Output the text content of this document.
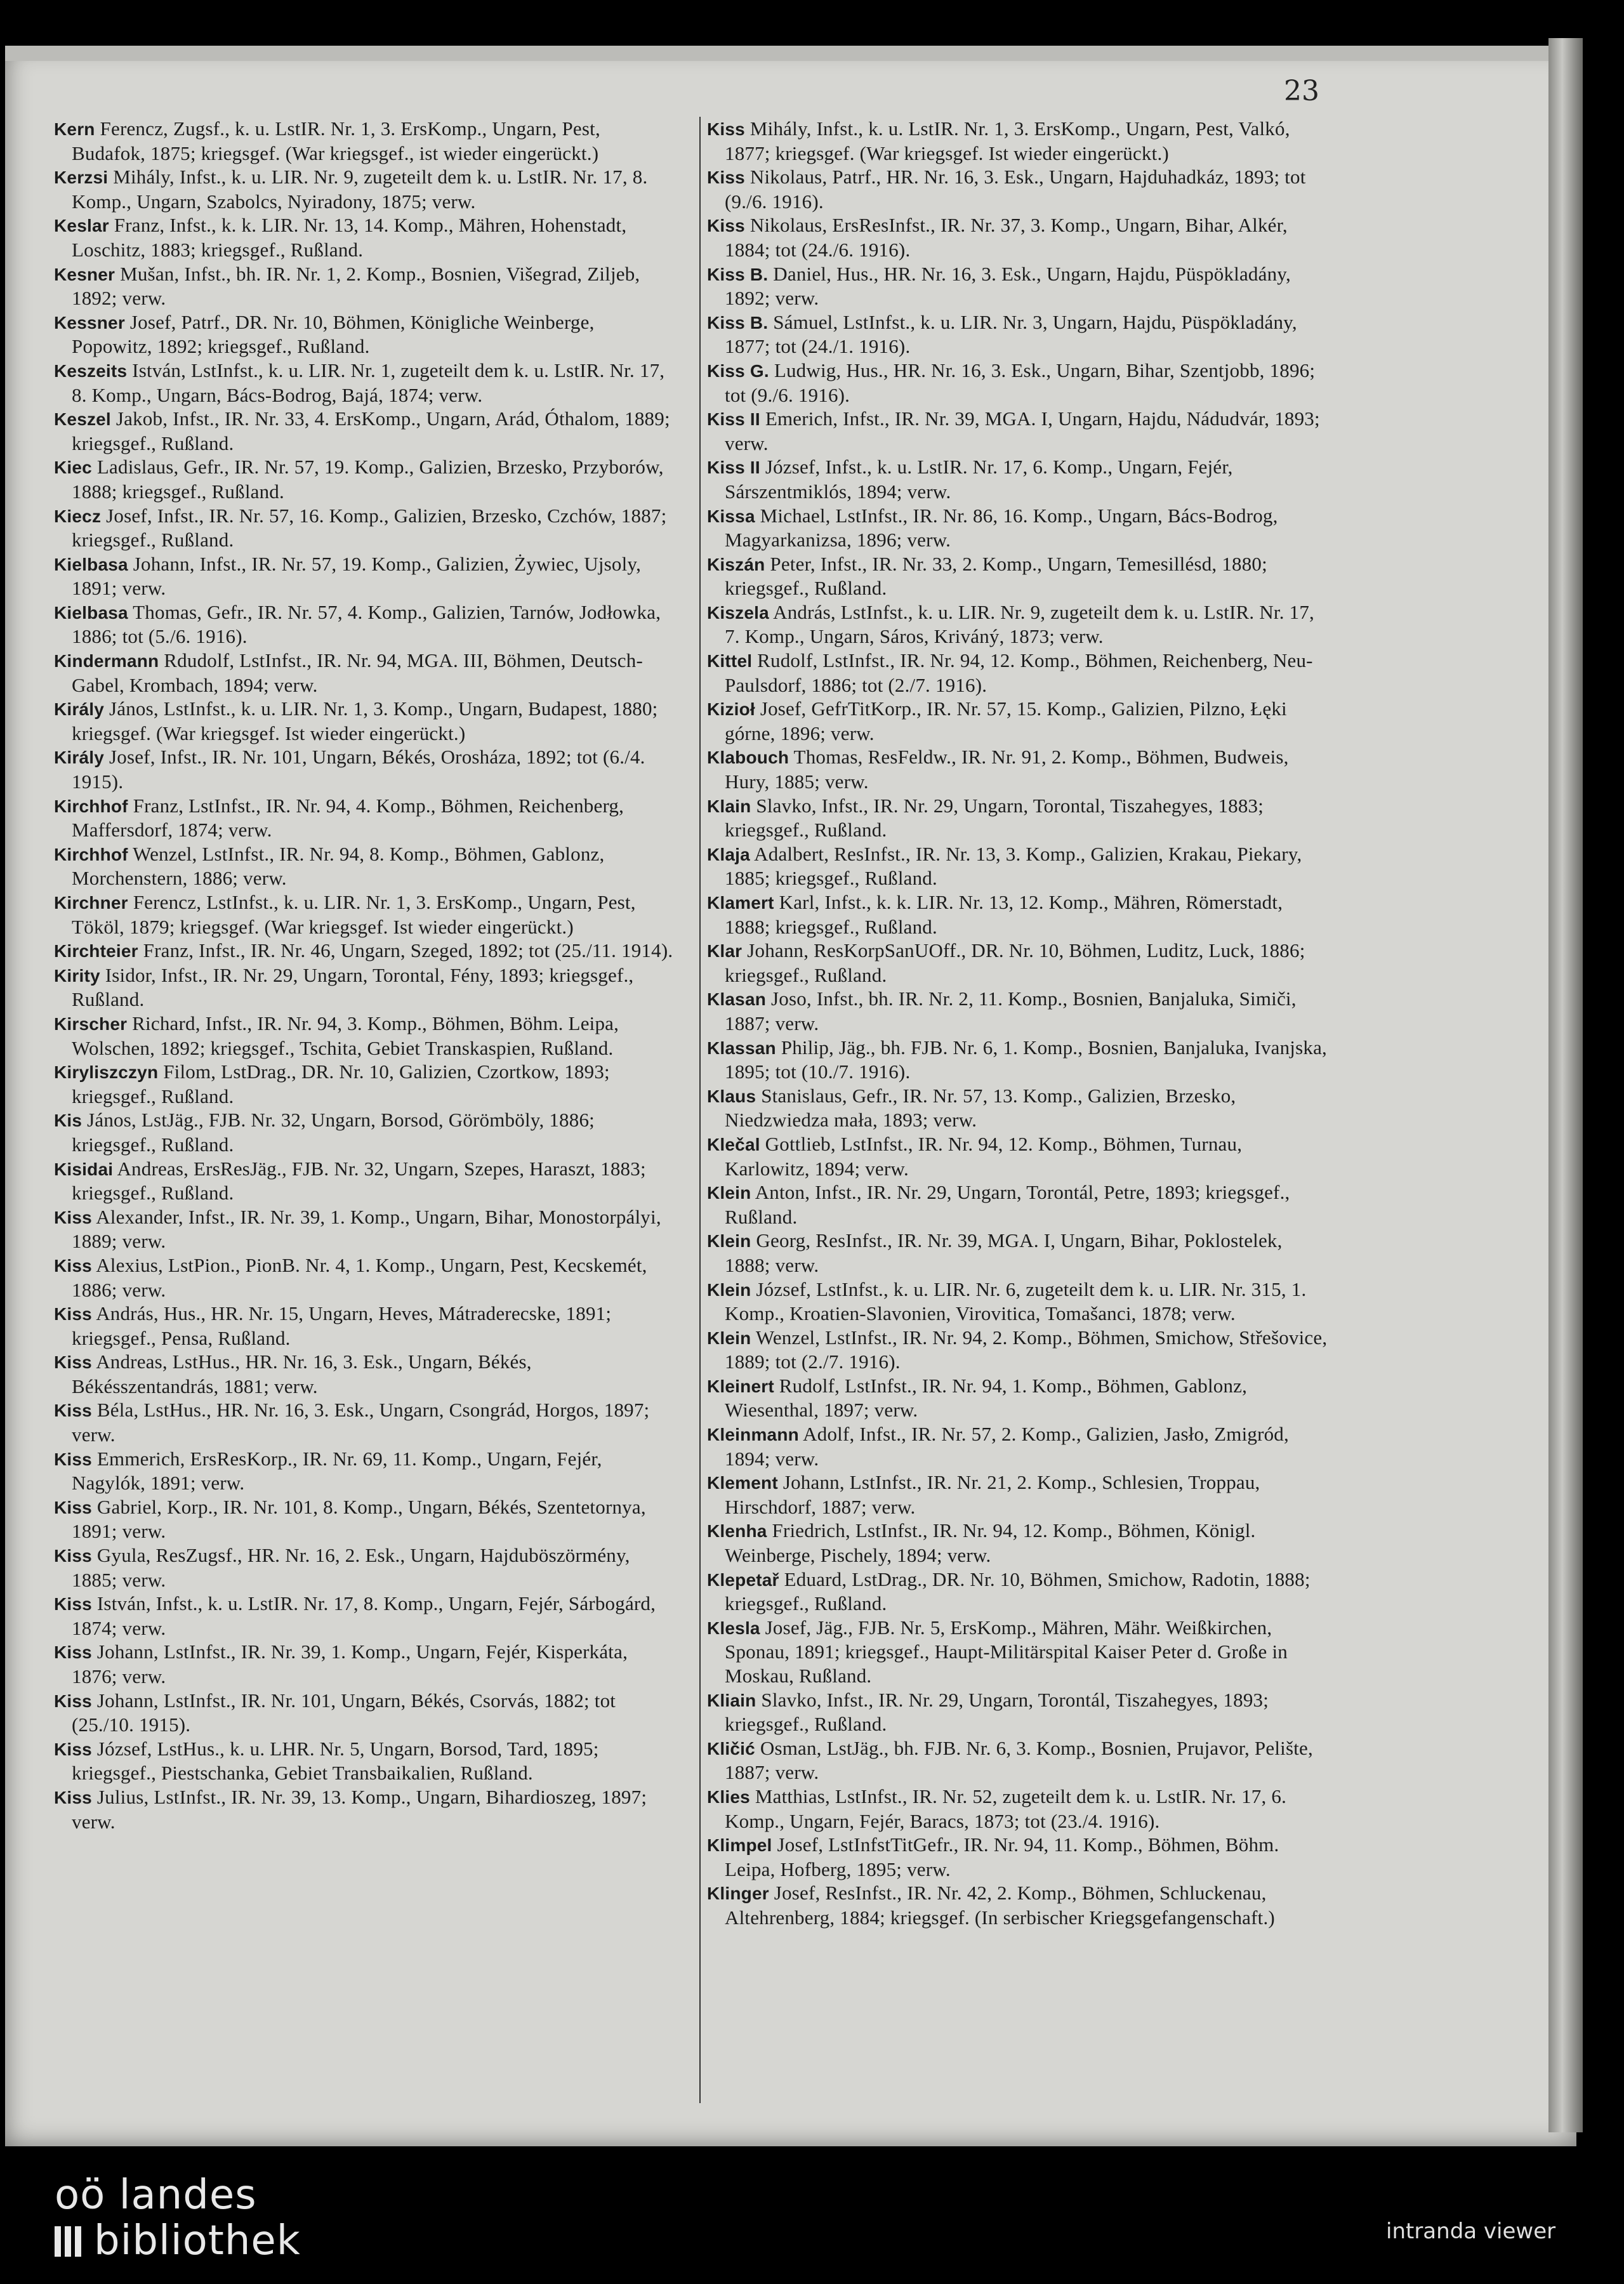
23

Kern Ferencz, Zugsf., k. u. LstIR. Nr. 1, 3. ErsKomp., Ungarn, Pest, Budafok, 1875; kriegsgef. (War kriegsgef., ist wieder eingerückt.)

Kerzsi Mihály, Infst., k. u. LIR. Nr. 9, zugeteilt dem k. u. LstIR. Nr. 17, 8. Komp., Ungarn, Szabolcs, Nyiradony, 1875; verw.

Keslar Franz, Infst., k. k. LIR. Nr. 13, 14. Komp., Mähren, Hohenstadt, Loschitz, 1883; kriegsgef., Rußland.

Kesner Mušan, Infst., bh. IR. Nr. 1, 2. Komp., Bosnien, Višegrad, Ziljeb, 1892; verw.

Kessner Josef, Patrf., DR. Nr. 10, Böhmen, Königliche Weinberge, Popowitz, 1892; kriegsgef., Rußland.

Keszeits István, LstInfst., k. u. LIR. Nr. 1, zugeteilt dem k. u. LstIR. Nr. 17, 8. Komp., Ungarn, Bács-Bodrog, Bajá, 1874; verw.

Keszel Jakob, Infst., IR. Nr. 33, 4. ErsKomp., Ungarn, Arád, Óthalom, 1889; kriegsgef., Rußland.

Kiec Ladislaus, Gefr., IR. Nr. 57, 19. Komp., Galizien, Brzesko, Przyborów, 1888; kriegsgef., Rußland.

Kiecz Josef, Infst., IR. Nr. 57, 16. Komp., Galizien, Brzesko, Czchów, 1887; kriegsgef., Rußland.

Kielbasa Johann, Infst., IR. Nr. 57, 19. Komp., Galizien, Żywiec, Ujsoly, 1891; verw.

Kielbasa Thomas, Gefr., IR. Nr. 57, 4. Komp., Galizien, Tarnów, Jodłowka, 1886; tot (5./6. 1916).

Kindermann Rdudolf, LstInfst., IR. Nr. 94, MGA. III, Böhmen, Deutsch-Gabel, Krombach, 1894; verw.

Király János, LstInfst., k. u. LIR. Nr. 1, 3. Komp., Ungarn, Budapest, 1880; kriegsgef. (War kriegsgef. Ist wieder eingerückt.)

Király Josef, Infst., IR. Nr. 101, Ungarn, Békés, Orosháza, 1892; tot (6./4. 1915).

Kirchhof Franz, LstInfst., IR. Nr. 94, 4. Komp., Böhmen, Reichenberg, Maffersdorf, 1874; verw.

Kirchhof Wenzel, LstInfst., IR. Nr. 94, 8. Komp., Böhmen, Gablonz, Morchenstern, 1886; verw.

Kirchner Ferencz, LstInfst., k. u. LIR. Nr. 1, 3. ErsKomp., Ungarn, Pest, Tököl, 1879; kriegsgef. (War kriegsgef. Ist wieder eingerückt.)

Kirchteier Franz, Infst., IR. Nr. 46, Ungarn, Szeged, 1892; tot (25./11. 1914).

Kirity Isidor, Infst., IR. Nr. 29, Ungarn, Torontal, Fény, 1893; kriegsgef., Rußland.

Kirscher Richard, Infst., IR. Nr. 94, 3. Komp., Böhmen, Böhm. Leipa, Wolschen, 1892; kriegsgef., Tschita, Gebiet Transkaspien, Rußland.

Kiryliszczyn Filom, LstDrag., DR. Nr. 10, Galizien, Czortkow, 1893; kriegsgef., Rußland.

Kis János, LstJäg., FJB. Nr. 32, Ungarn, Borsod, Görömböly, 1886; kriegsgef., Rußland.

Kisidai Andreas, ErsResJäg., FJB. Nr. 32, Ungarn, Szepes, Haraszt, 1883; kriegsgef., Rußland.

Kiss Alexander, Infst., IR. Nr. 39, 1. Komp., Ungarn, Bihar, Monostorpályi, 1889; verw.

Kiss Alexius, LstPion., PionB. Nr. 4, 1. Komp., Ungarn, Pest, Kecskemét, 1886; verw.

Kiss András, Hus., HR. Nr. 15, Ungarn, Heves, Mátraderecske, 1891; kriegsgef., Pensa, Rußland.

Kiss Andreas, LstHus., HR. Nr. 16, 3. Esk., Ungarn, Békés, Békésszentandrás, 1881; verw.

Kiss Béla, LstHus., HR. Nr. 16, 3. Esk., Ungarn, Csongrád, Horgos, 1897; verw.

Kiss Emmerich, ErsResKorp., IR. Nr. 69, 11. Komp., Ungarn, Fejér, Nagylók, 1891; verw.

Kiss Gabriel, Korp., IR. Nr. 101, 8. Komp., Ungarn, Békés, Szentetornya, 1891; verw.

Kiss Gyula, ResZugsf., HR. Nr. 16, 2. Esk., Ungarn, Hajduböszörmény, 1885; verw.

Kiss István, Infst., k. u. LstIR. Nr. 17, 8. Komp., Ungarn, Fejér, Sárbogárd, 1874; verw.

Kiss Johann, LstInfst., IR. Nr. 39, 1. Komp., Ungarn, Fejér, Kisperkáta, 1876; verw.

Kiss Johann, LstInfst., IR. Nr. 101, Ungarn, Békés, Csorvás, 1882; tot (25./10. 1915).

Kiss József, LstHus., k. u. LHR. Nr. 5, Ungarn, Borsod, Tard, 1895; kriegsgef., Piestschanka, Gebiet Transbaikalien, Rußland.

Kiss Julius, LstInfst., IR. Nr. 39, 13. Komp., Ungarn, Bihardioszeg, 1897; verw.

Kiss Mihály, Infst., k. u. LstIR. Nr. 1, 3. ErsKomp., Ungarn, Pest, Valkó, 1877; kriegsgef. (War kriegsgef. Ist wieder eingerückt.)

Kiss Nikolaus, Patrf., HR. Nr. 16, 3. Esk., Ungarn, Hajduhadkáz, 1893; tot (9./6. 1916).

Kiss Nikolaus, ErsResInfst., IR. Nr. 37, 3. Komp., Ungarn, Bihar, Alkér, 1884; tot (24./6. 1916).

Kiss B. Daniel, Hus., HR. Nr. 16, 3. Esk., Ungarn, Hajdu, Püspökladány, 1892; verw.

Kiss B. Sámuel, LstInfst., k. u. LIR. Nr. 3, Ungarn, Hajdu, Püspökladány, 1877; tot (24./1. 1916).

Kiss G. Ludwig, Hus., HR. Nr. 16, 3. Esk., Ungarn, Bihar, Szentjobb, 1896; tot (9./6. 1916).

Kiss II Emerich, Infst., IR. Nr. 39, MGA. I, Ungarn, Hajdu, Nádudvár, 1893; verw.

Kiss II József, Infst., k. u. LstIR. Nr. 17, 6. Komp., Ungarn, Fejér, Sárszentmiklós, 1894; verw.

Kissa Michael, LstInfst., IR. Nr. 86, 16. Komp., Ungarn, Bács-Bodrog, Magyarkanizsa, 1896; verw.

Kiszán Peter, Infst., IR. Nr. 33, 2. Komp., Ungarn, Temesillésd, 1880; kriegsgef., Rußland.

Kiszela András, LstInfst., k. u. LIR. Nr. 9, zugeteilt dem k. u. LstIR. Nr. 17, 7. Komp., Ungarn, Sáros, Kriváný, 1873; verw.

Kittel Rudolf, LstInfst., IR. Nr. 94, 12. Komp., Böhmen, Reichenberg, Neu-Paulsdorf, 1886; tot (2./7. 1916).

Kizioł Josef, GefrTitKorp., IR. Nr. 57, 15. Komp., Galizien, Pilzno, Łęki górne, 1896; verw.

Klabouch Thomas, ResFeldw., IR. Nr. 91, 2. Komp., Böhmen, Budweis, Hury, 1885; verw.

Klain Slavko, Infst., IR. Nr. 29, Ungarn, Torontal, Tiszahegyes, 1883; kriegsgef., Rußland.

Klaja Adalbert, ResInfst., IR. Nr. 13, 3. Komp., Galizien, Krakau, Piekary, 1885; kriegsgef., Rußland.

Klamert Karl, Infst., k. k. LIR. Nr. 13, 12. Komp., Mähren, Römerstadt, 1888; kriegsgef., Rußland.

Klar Johann, ResKorpSanUOff., DR. Nr. 10, Böhmen, Luditz, Luck, 1886; kriegsgef., Rußland.

Klasan Joso, Infst., bh. IR. Nr. 2, 11. Komp., Bosnien, Banjaluka, Simiči, 1887; verw.

Klassan Philip, Jäg., bh. FJB. Nr. 6, 1. Komp., Bosnien, Banjaluka, Ivanjska, 1895; tot (10./7. 1916).

Klaus Stanislaus, Gefr., IR. Nr. 57, 13. Komp., Galizien, Brzesko, Niedzwiedza mała, 1893; verw.

Klečal Gottlieb, LstInfst., IR. Nr. 94, 12. Komp., Böhmen, Turnau, Karlowitz, 1894; verw.

Klein Anton, Infst., IR. Nr. 29, Ungarn, Torontál, Petre, 1893; kriegsgef., Rußland.

Klein Georg, ResInfst., IR. Nr. 39, MGA. I, Ungarn, Bihar, Poklostelek, 1888; verw.

Klein József, LstInfst., k. u. LIR. Nr. 6, zugeteilt dem k. u. LIR. Nr. 315, 1. Komp., Kroatien-Slavonien, Virovitica, Tomašanci, 1878; verw.

Klein Wenzel, LstInfst., IR. Nr. 94, 2. Komp., Böhmen, Smichow, Střešovice, 1889; tot (2./7. 1916).

Kleinert Rudolf, LstInfst., IR. Nr. 94, 1. Komp., Böhmen, Gablonz, Wiesenthal, 1897; verw.

Kleinmann Adolf, Infst., IR. Nr. 57, 2. Komp., Galizien, Jasło, Zmigród, 1894; verw.

Klement Johann, LstInfst., IR. Nr. 21, 2. Komp., Schlesien, Troppau, Hirschdorf, 1887; verw.

Klenha Friedrich, LstInfst., IR. Nr. 94, 12. Komp., Böhmen, Königl. Weinberge, Pischely, 1894; verw.

Klepetař Eduard, LstDrag., DR. Nr. 10, Böhmen, Smichow, Radotin, 1888; kriegsgef., Rußland.

Klesla Josef, Jäg., FJB. Nr. 5, ErsKomp., Mähren, Mähr. Weißkirchen, Sponau, 1891; kriegsgef., Haupt-Militärspital Kaiser Peter d. Große in Moskau, Rußland.

Kliain Slavko, Infst., IR. Nr. 29, Ungarn, Torontál, Tiszahegyes, 1893; kriegsgef., Rußland.

Kličić Osman, LstJäg., bh. FJB. Nr. 6, 3. Komp., Bosnien, Prujavor, Pelište, 1887; verw.

Klies Matthias, LstInfst., IR. Nr. 52, zugeteilt dem k. u. LstIR. Nr. 17, 6. Komp., Ungarn, Fejér, Baracs, 1873; tot (23./4. 1916).

Klimpel Josef, LstInfstTitGefr., IR. Nr. 94, 11. Komp., Böhmen, Böhm. Leipa, Hofberg, 1895; verw.

Klinger Josef, ResInfst., IR. Nr. 42, 2. Komp., Böhmen, Schluckenau, Altehrenberg, 1884; kriegsgef. (In serbischer Kriegsgefangenschaft.)

oö landes
bibliothek	intranda viewer
